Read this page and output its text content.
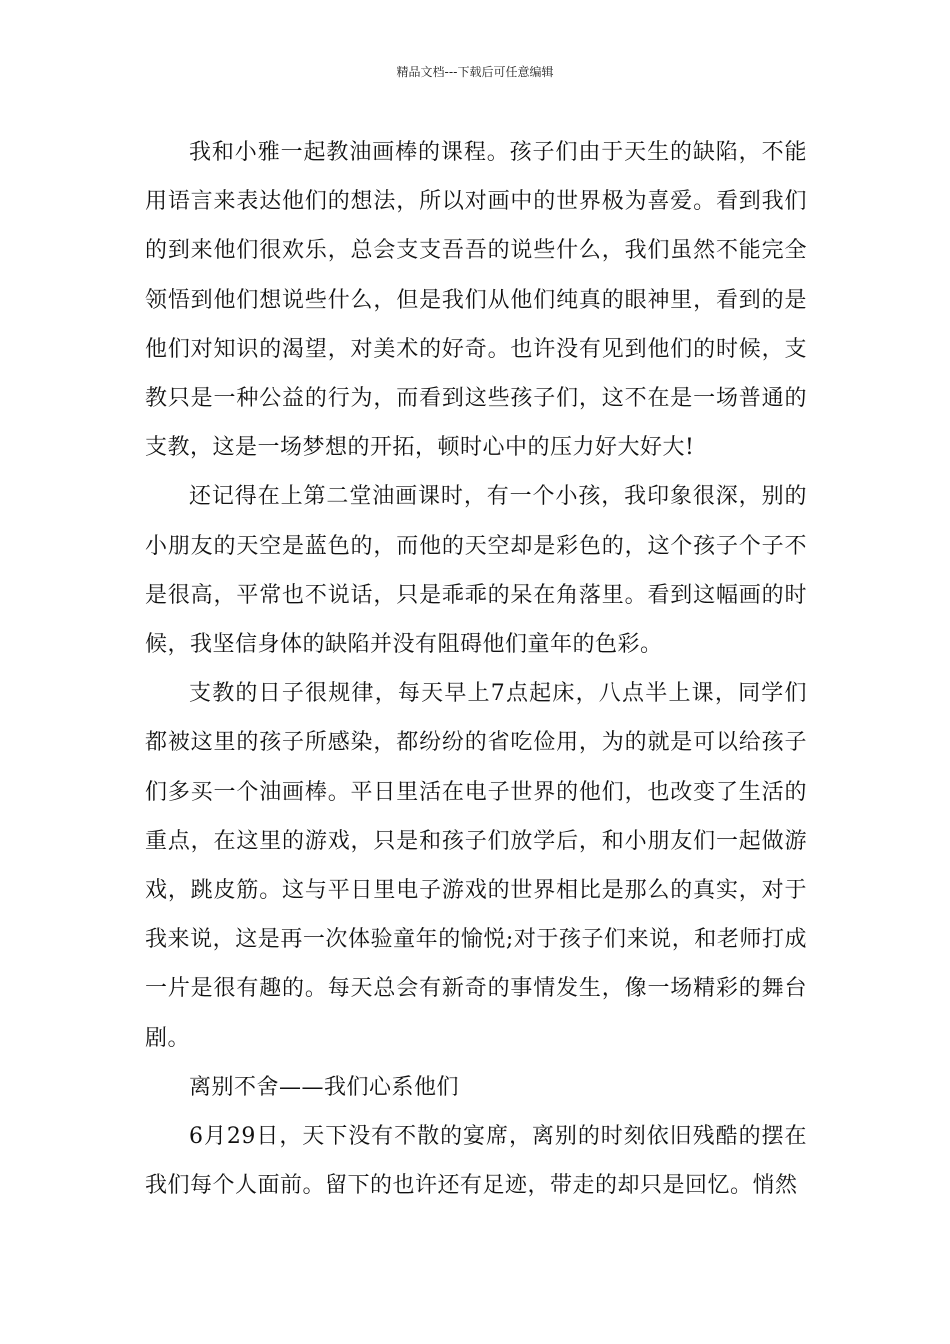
精品文档---下载后可任意编辑

我和小雅一起教油画棒的课程。孩子们由于天生的缺陷，不能用语言来表达他们的想法，所以对画中的世界极为喜爱。看到我们的到来他们很欢乐，总会支支吾吾的说些什么，我们虽然不能完全领悟到他们想说些什么，但是我们从他们纯真的眼神里，看到的是他们对知识的渴望，对美术的好奇。也许没有见到他们的时候，支教只是一种公益的行为，而看到这些孩子们，这不在是一场普通的支教，这是一场梦想的开拓，顿时心中的压力好大好大!

还记得在上第二堂油画课时，有一个小孩，我印象很深，别的小朋友的天空是蓝色的，而他的天空却是彩色的，这个孩子个子不是很高，平常也不说话，只是乖乖的呆在角落里。看到这幅画的时候，我坚信身体的缺陷并没有阻碍他们童年的色彩。

支教的日子很规律，每天早上7点起床，八点半上课，同学们都被这里的孩子所感染，都纷纷的省吃俭用，为的就是可以给孩子们多买一个油画棒。平日里活在电子世界的他们，也改变了生活的重点，在这里的游戏，只是和孩子们放学后，和小朋友们一起做游戏，跳皮筋。这与平日里电子游戏的世界相比是那么的真实，对于我来说，这是再一次体验童年的愉悦;对于孩子们来说，和老师打成一片是很有趣的。每天总会有新奇的事情发生，像一场精彩的舞台剧。

离别不舍——我们心系他们

6月29日，天下没有不散的宴席，离别的时刻依旧残酷的摆在我们每个人面前。留下的也许还有足迹，带走的却只是回忆。悄然
